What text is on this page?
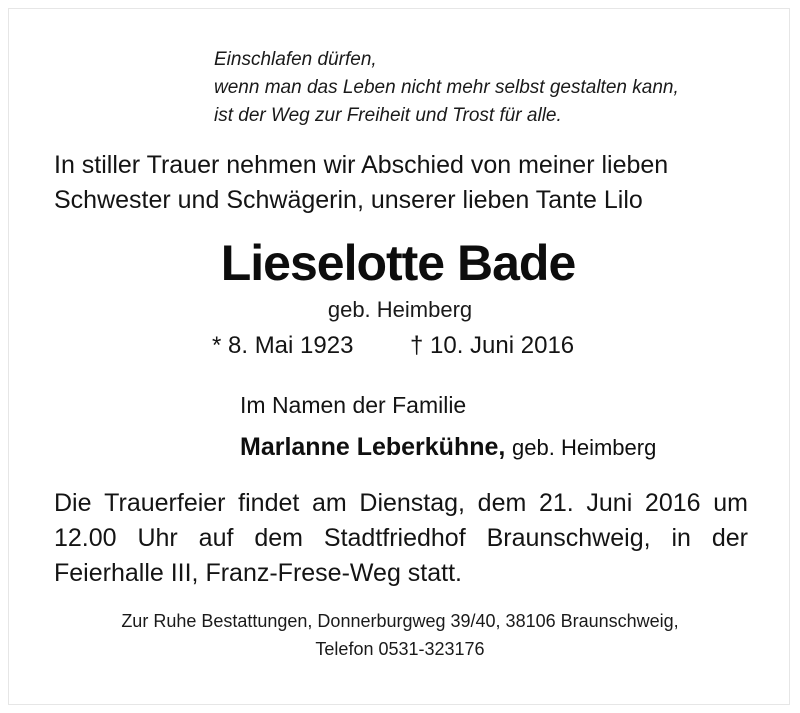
Einschlafen dürfen,
wenn man das Leben nicht mehr selbst gestalten kann,
ist der Weg zur Freiheit und Trost für alle.
In stiller Trauer nehmen wir Abschied von meiner lieben
Schwester und Schwägerin, unserer lieben Tante Lilo
Lieselotte Bade
geb. Heimberg
* 8. Mai 1923 † 10. Juni 2016
Im Namen der Familie
Marlanne Leberkühne, geb. Heimberg
Die Trauerfeier findet am Dienstag, dem 21. Juni 2016 um
12.00 Uhr auf dem Stadtfriedhof Braunschweig, in der
Feierhalle III, Franz-Frese-Weg statt.
Zur Ruhe Bestattungen, Donnerburgweg 39/40, 38106 Braunschweig,
Telefon 0531-323176
